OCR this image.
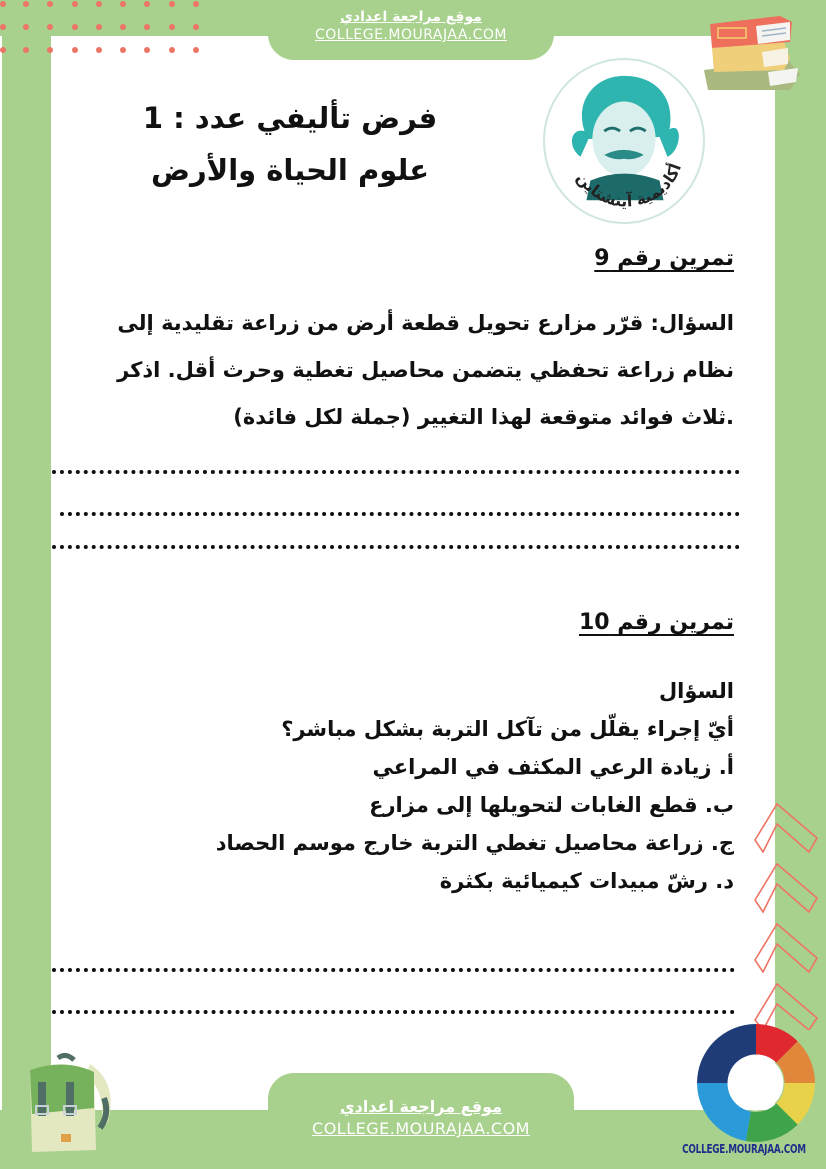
موقع مراجعة اعدادي
COLLEGE.MOURAJAA.COM
فرض تأليفي عدد : 1
علوم الحياة والأرض	أكاديمية آينشتاين
تمرين رقم 9
السؤال: قرّر مزارع تحويل قطعة أرض من زراعة تقليدية إلى
نظام زراعة تحفظي يتضمن محاصيل تغطية وحرث أقل. اذكر
.ثلاث فوائد متوقعة لهذا التغيير (جملة لكل فائدة)
تمرين رقم 10
السؤال
أيّ إجراء يقلّل من تآكل التربة بشكل مباشر؟
أ. زيادة الرعي المكثف في المراعي
ب. قطع الغابات لتحويلها إلى مزارع
ج. زراعة محاصيل تغطي التربة خارج موسم الحصاد
د. رشّ مبيدات كيميائية بكثرة
COLLEGE.MOURAJAA.COM
موقع مراجعة اعدادي
COLLEGE.MOURAJAA.COM
